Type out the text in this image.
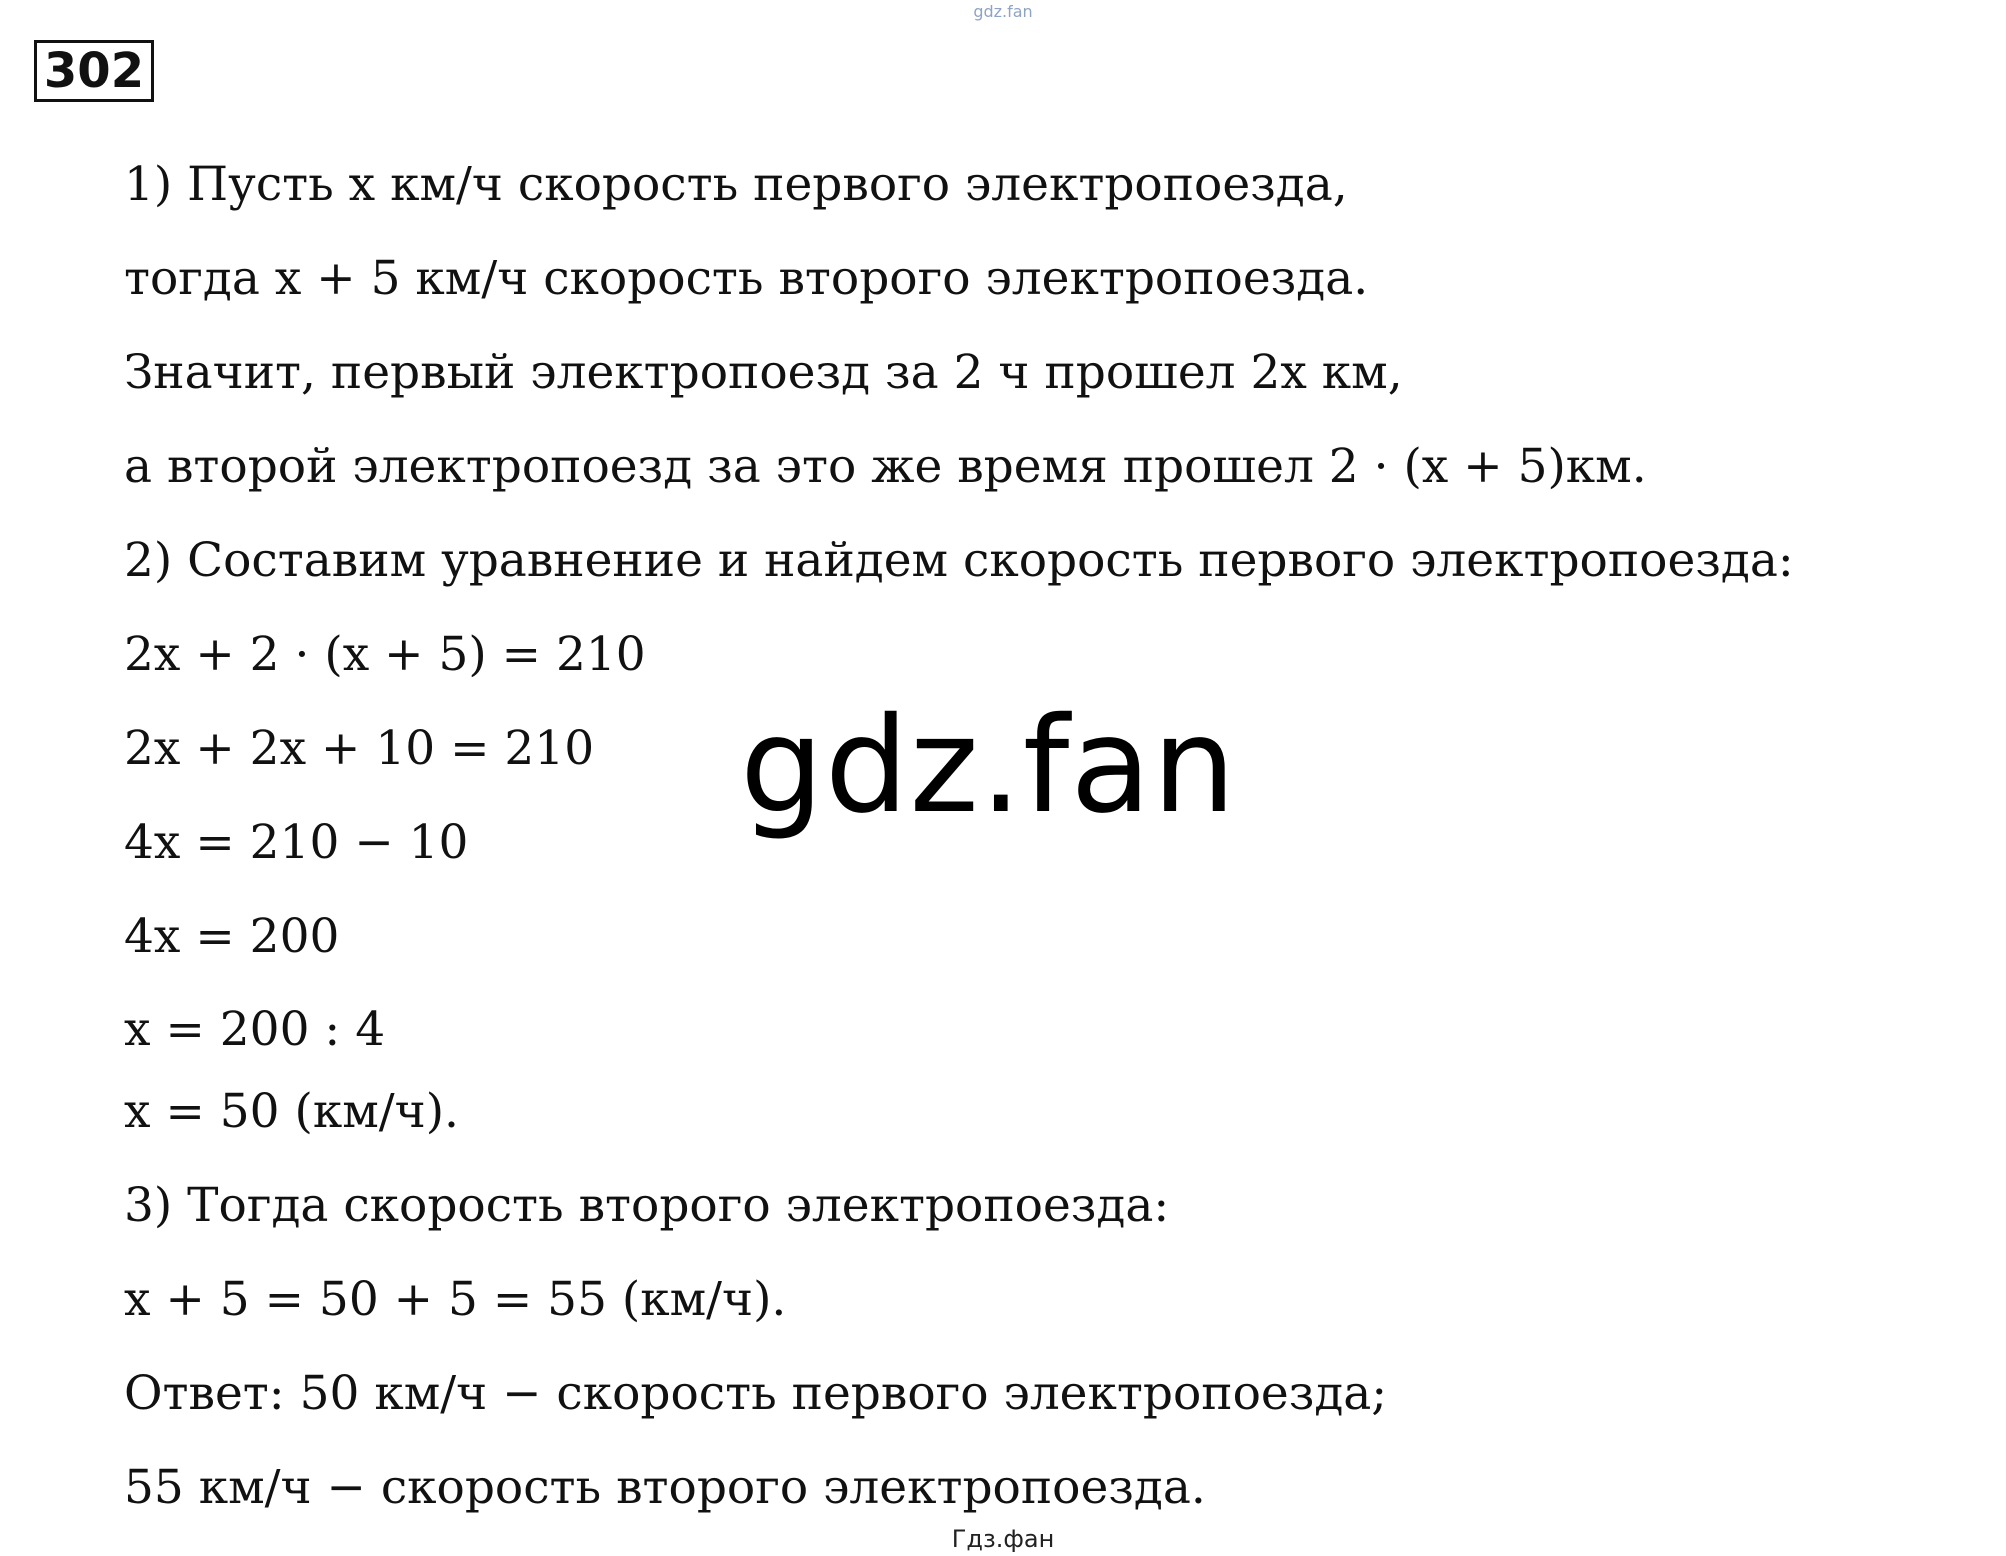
gdz.fan
302
1) Пусть x км/ч скорость первого электропоезда,
тогда x + 5 км/ч скорость второго электропоезда.
Значит, первый электропоезд за 2 ч прошел 2x км,
а второй электропоезд за это же время прошел 2 · (x + 5)км.
2) Составим уравнение и найдем скорость первого электропоезда:
2x + 2 · (x + 5) = 210
2x + 2x + 10 = 210
4x = 210 − 10
4x = 200
x = 200 : 4
x = 50 (км/ч).
3) Тогда скорость второго электропоезда:
x + 5 = 50 + 5 = 55 (км/ч).
Ответ: 50 км/ч − скорость первого электропоезда;
55 км/ч − скорость второго электропоезда.
gdz.fan
Гдз.фан
